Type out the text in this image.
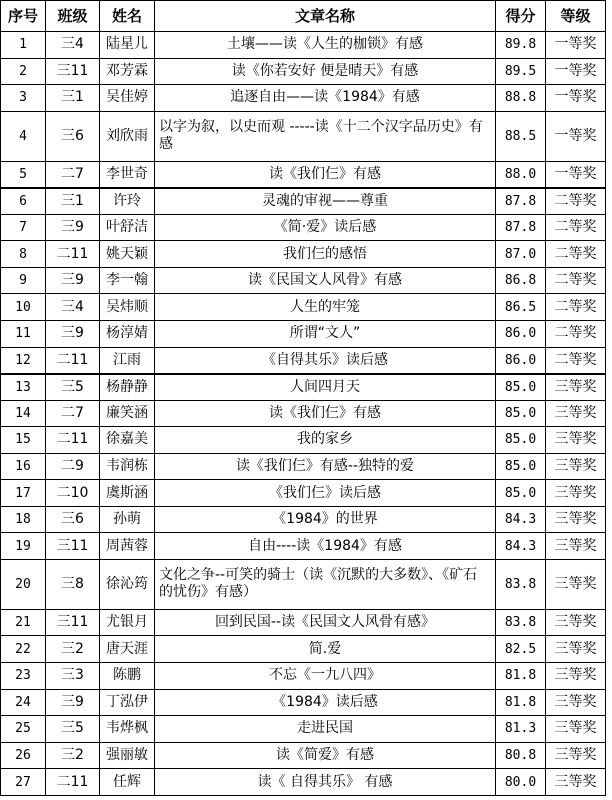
序号	班级	姓名	文章名称	得分	等级
1	三4	陆星儿	土壤——读《人生的枷锁》有感	89.8	一等奖
2	三11	邓芳霖	读《你若安好 便是晴天》有感	89.5	一等奖
3	三1	吴佳婷	追逐自由——读《1984》有感	88.8	一等奖
4	三6	刘欣雨	以字为叙，以史而观 -----读《十二个汉字品历史》有感	88.5	一等奖
5	二7	李世奇	读《我们仨》有感	88.0	一等奖
6	三1	许玲	灵魂的审视——尊重	87.8	二等奖
7	三9	叶舒洁	《简·爱》读后感	87.8	二等奖
8	二11	姚天颖	我们仨的感悟	87.0	二等奖
9	三9	李一翰	读《民国文人风骨》有感	86.8	二等奖
10	三4	吴炜顺	人生的牢笼	86.5	二等奖
11	三9	杨淳婧	所谓“文人”	86.0	二等奖
12	二11	江雨	《自得其乐》读后感	86.0	二等奖
13	三5	杨静静	人间四月天	85.0	三等奖
14	二7	廉笑涵	读《我们仨》有感	85.0	三等奖
15	二11	徐嘉美	我的家乡	85.0	三等奖
16	二9	韦润栋	读《我们仨》有感--独特的爱	85.0	三等奖
17	二10	虞斯涵	《我们仨》读后感	85.0	三等奖
18	三6	孙萌	《1984》的世界	84.3	三等奖
19	三11	周茜蓉	自由----读《1984》有感	84.3	三等奖
20	三8	徐沁筠	文化之争--可笑的骑士（读《沉默的大多数》、《矿石的忧伤》有感）	83.8	三等奖
21	三11	尤银月	回到民国--读《民国文人风骨有感》	83.8	三等奖
22	三2	唐天涯	简.爱	82.5	三等奖
23	三3	陈鹏	不忘《一九八四》	81.8	三等奖
24	三9	丁泓伊	《1984》读后感	81.8	三等奖
25	三5	韦烨枫	走进民国	81.3	三等奖
26	三2	强丽敏	读《简爱》有感	80.8	三等奖
27	二11	任辉	读《 自得其乐》 有感	80.0	三等奖
